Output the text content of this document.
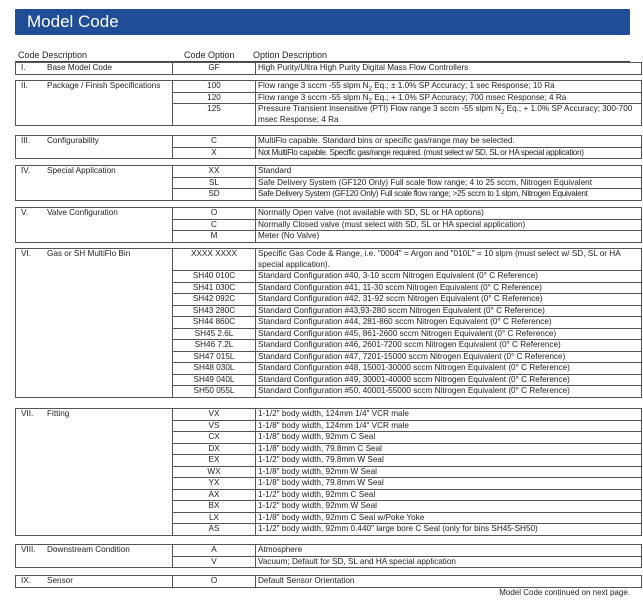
Model Code
Code Description	Code Option Option Description
I.	Base Model Code	GF	High Purity/Ultra High Purity Digital Mass Flow Controllers
II. Package / Finish Specifications	100	Flow range 3 sccm -55 slpm $N_2$ Eq.; ± 1.0% SP Accuracy; 1 sec Response; 10 Ra
	120	Flow range 3 sccm -55 slpm $N_2$ Eq.; + 1.0% SP Accuracy; 700 msec Response; 4 Ra
	125	Pressure Transient Insensitive (PTI) Flow range 3 sccm -55 slpm $N_2$ Eq.; + 1.0% SP Accuracy; 300-700 msec Response; 4 Ra
III. Configurability	C	MultiFlo capable. Standard bins or specific gas/range may be selected.
	X	Not MultiFlo capable. Specific gas/range required. (must select w/ SD, SL or HA special application)
IV. Special Application	XX	Standard
	SL	Safe Delivery System (GF120 Only) Full scale flow range; 4 to 25 sccm, Nitrogen Equivalent
	SD	Safe Delivery System (GF120 Only) Full scale flow range; >25 sccm to 1 slpm, Nitrogen Equivalent
V. Valve Configuration	O	Normally Open valve (not available with SD, SL or HA options)
	C	Normally Closed valve (must select with SD, SL or HA special application)
	M	Meter (No Valve)
VI. Gas or SH MultiFlo Bin	XXXX XXXX	Specific Gas Code & Range, i.e. "0004" = Argon and "010L" = 10 slpm (must select w/ SD, SL or HA special application).
	SH40 010C	Standard Configuration #40, 3-10 sccm Nitrogen Equivalent (0° C Reference)
	SH41 030C	Standard Configuration #41, 11-30 sccm Nitrogen Equivalent (0° C Reference)
	SH42 092C	Standard Configuration #42, 31-92 sccm Nitrogen Equivalent (0° C Reference)
	SH43 280C	Standard Configuration #43,93-280 sccm Nitrogen Equivalent (0° C Reference)
	SH44 860C	Standard Configuration #44, 281-860 sccm Nitrogen Equivalent (0° C Reference)
	SH45 2.6L	Standard Configuration #45, 861-2600 sccm Nitrogen Equivalent (0° C Reference)
	SH46 7.2L	Standard Configuration #46, 2601-7200 sccm Nitrogen Equivalent (0° C Reference)
	SH47 015L	Standard Configuration #47, 7201-15000 sccm Nitrogen Equivalent (0° C Reference)
	SH48 030L	Standard Configuration #48, 15001-30000 sccm Nitrogen Equivalent (0° C Reference)
	SH49 040L	Standard Configuration #49, 30001-40000 sccm Nitrogen Equivalent (0° C Reference)
	SH50 055L	Standard Configuration #50, 40001-55000 sccm Nitrogen Equivalent (0° C Reference)
VII. Fitting	VX	1-1/2" body width, 124mm 1/4" VCR male
	VS	1-1/8" body width, 124mm 1/4" VCR male
	CX	1-1/8" body width, 92mm C Seal
	DX	1-1/8" body width, 79.8mm C Seal
	EX	1-1/2" body width, 79.8mm W Seal
	WX	1-1/8" body width, 92mm W Seal
	YX	1-1/8" body width, 79.8mm W Seal
	AX	1-1/2" body width, 92mm C Seal
	BX	1-1/2" body width, 92mm W Seal
	LX	1-1/8" body width, 92mm C Seal w/Poke Yoke
	AS	1-1/2" body width, 92mm 0.440" large bore C Seal (only for bins SH45-SH50)
VIII. Downstream Condition	A	Atmosphere
	V	Vacuum; Default for SD, SL and HA special application
IX. Sensor	O	Default Sensor Orientation
Model Code continued on next page.
